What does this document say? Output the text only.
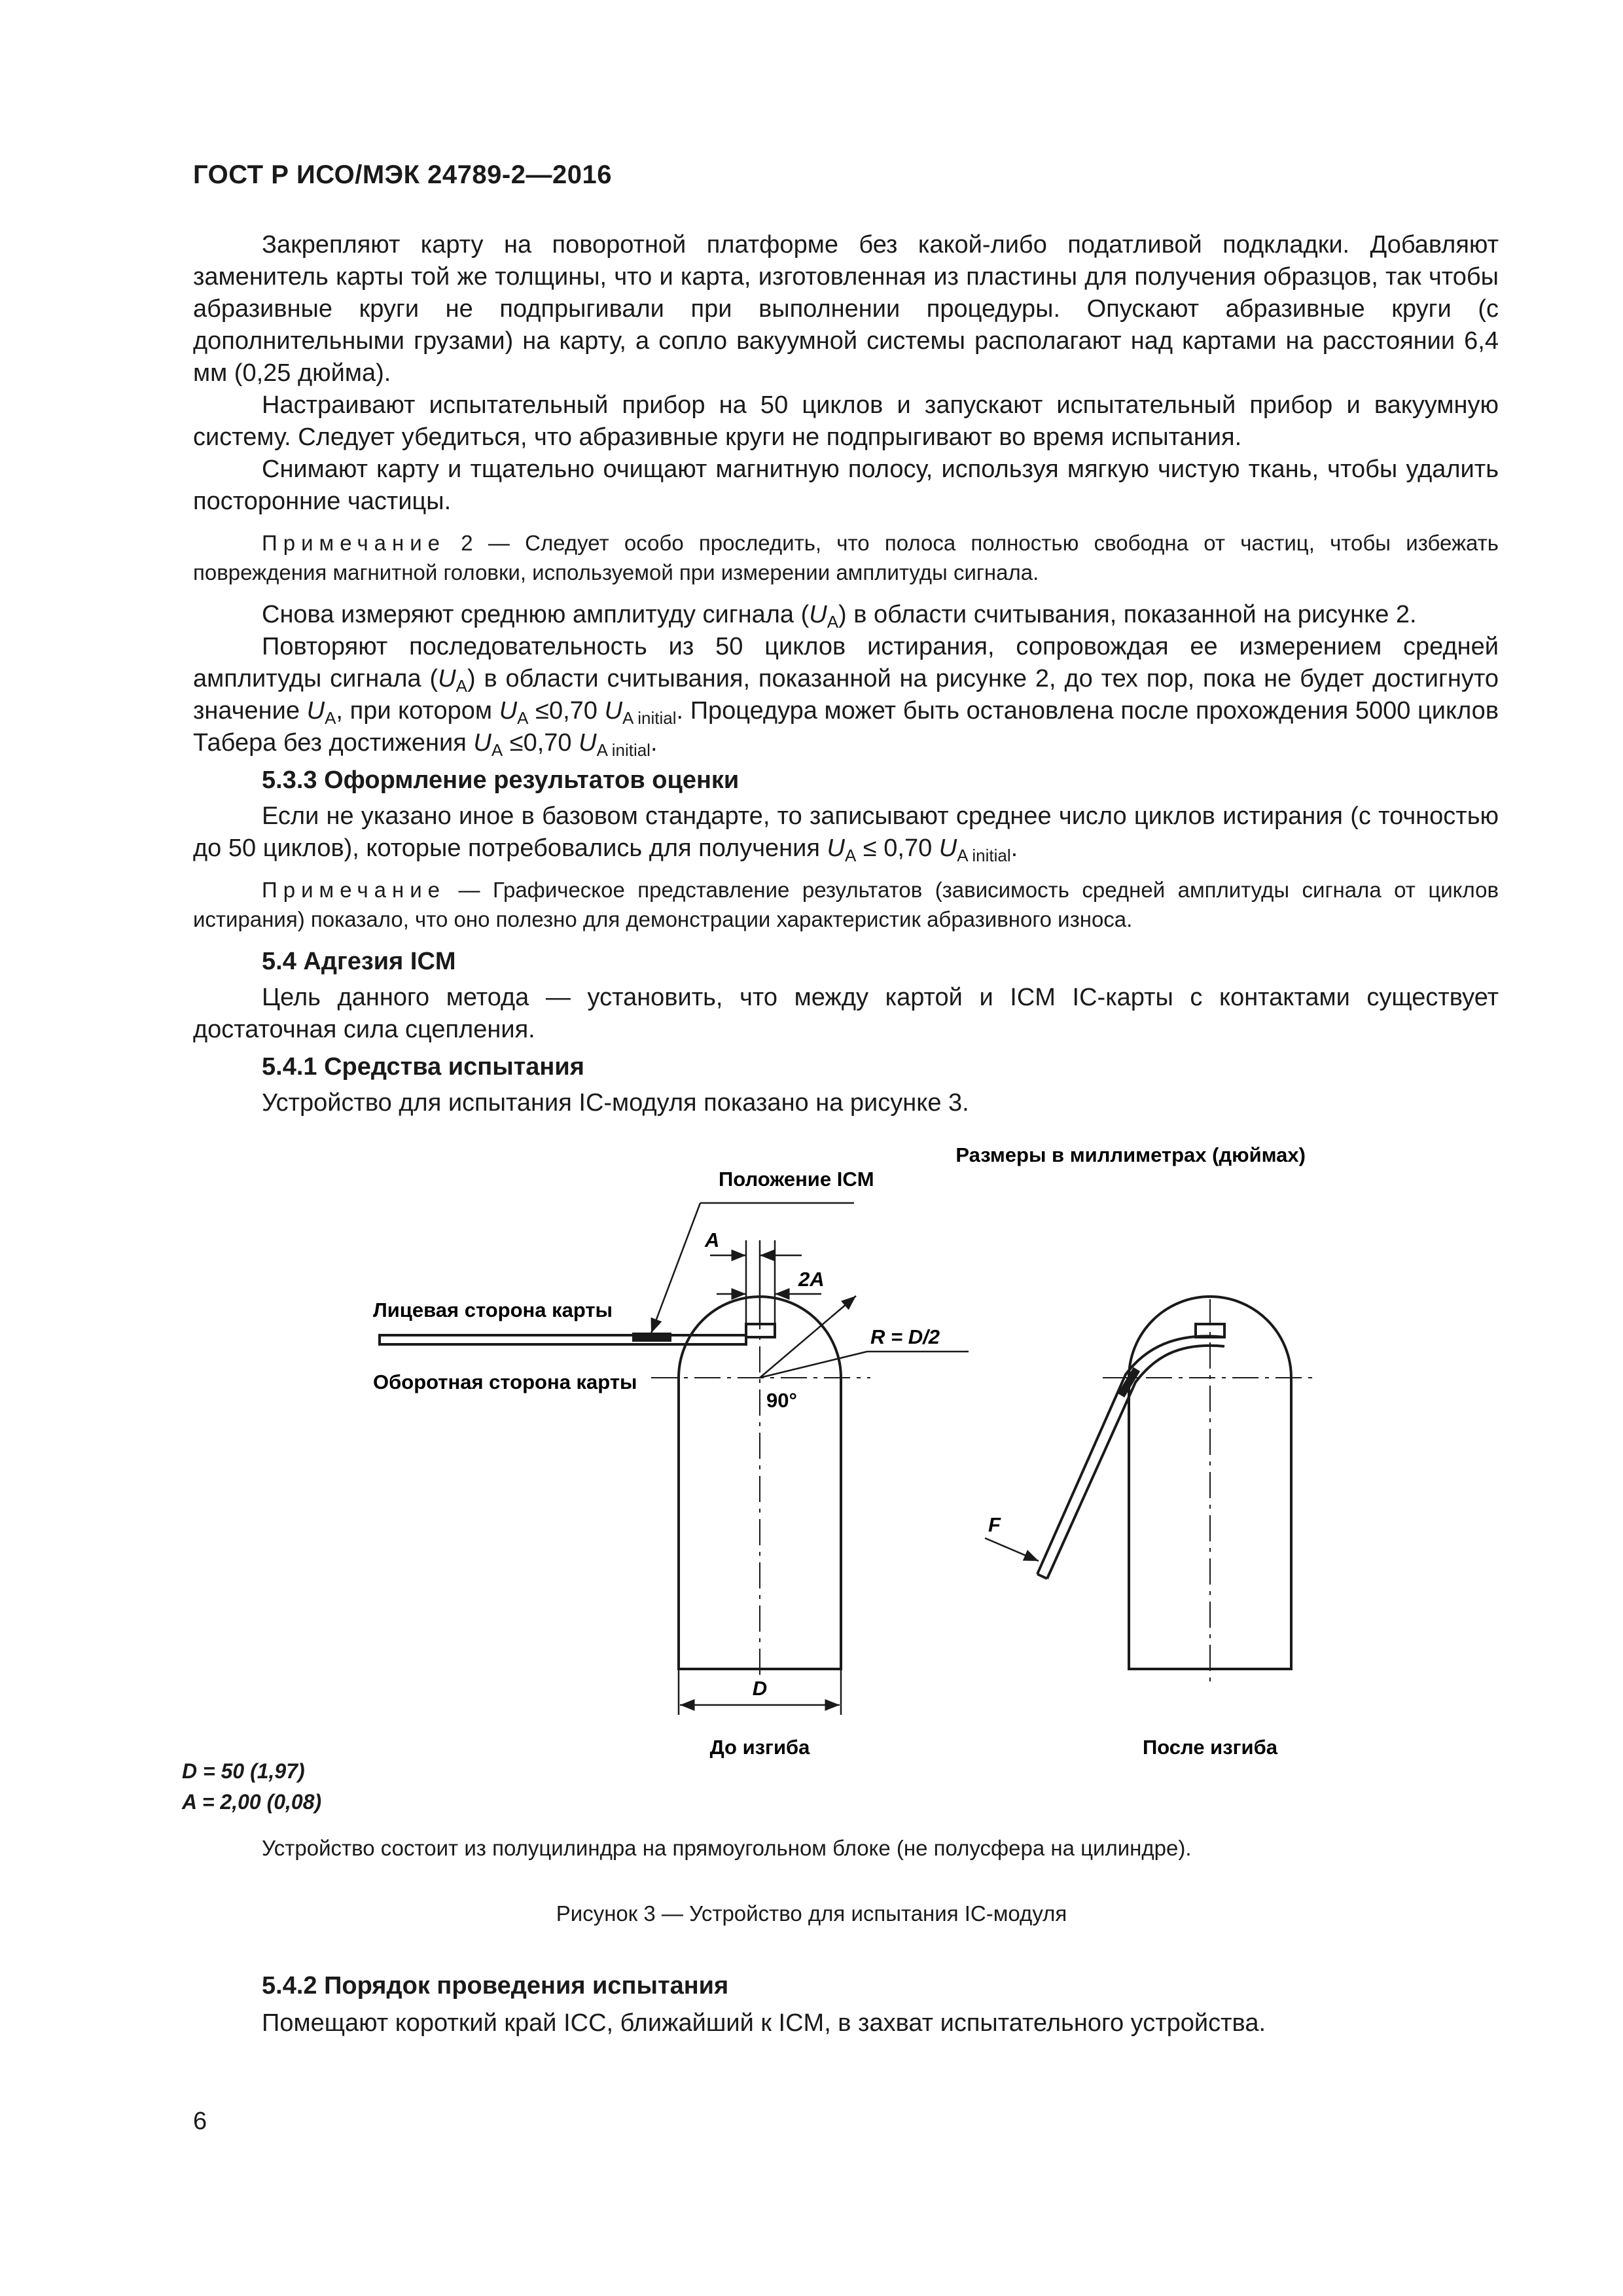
ГОСТ Р ИСО/МЭК 24789-2—2016

Закрепляют карту на поворотной платформе без какой-либо податливой подкладки. Добавляют заменитель карты той же толщины, что и карта, изготовленная из пластины для получения образцов, так чтобы абразивные круги не подпрыгивали при выполнении процедуры. Опускают абразивные круги (с дополнительными грузами) на карту, а сопло вакуумной системы располагают над картами на расстоянии 6,4 мм (0,25 дюйма).

Настраивают испытательный прибор на 50 циклов и запускают испытательный прибор и вакуумную систему. Следует убедиться, что абразивные круги не подпрыгивают во время испытания.

Снимают карту и тщательно очищают магнитную полосу, используя мягкую чистую ткань, чтобы удалить посторонние частицы.

Примечание 2 — Следует особо проследить, что полоса полностью свободна от частиц, чтобы избежать повреждения магнитной головки, используемой при измерении амплитуды сигнала.

Снова измеряют среднюю амплитуду сигнала $(U_A)$ в области считывания, показанной на рисунке 2.

Повторяют последовательность из 50 циклов истирания, сопровождая ее измерением средней амплитуды сигнала $(U_A)$ в области считывания, показанной на рисунке 2, до тех пор, пока не будет достигнуто значение $U_A$, при котором $U_A \le 0,70$ $U_{A initial}$. Процедура может быть остановлена после прохождения 5000 циклов Табера без достижения $U_A \le 0,70$ $U_{A initial}$.

5.3.3 Оформление результатов оценки

Если не указано иное в базовом стандарте, то записывают среднее число циклов истирания (с точностью до 50 циклов), которые потребовались для получения $U_A \le 0,70$ $U_{A initial}$.

Примечание — Графическое представление результатов (зависимость средней амплитуды сигнала от циклов истирания) показало, что оно полезно для демонстрации характеристик абразивного износа.

5.4 Адгезия ICM

Цель данного метода — установить, что между картой и ICM IC-карты с контактами существует достаточная сила сцепления.

5.4.1 Средства испытания

Устройство для испытания IC-модуля показано на рисунке 3.

Размеры в миллиметрах (дюймах)
Положение ICM
A
2A
Лицевая сторона карты
Оборотная сторона карты
R = D/2
90°
D
До изгиба
F
После изгиба
D = 50 (1,97)
A = 2,00 (0,08)
Устройство состоит из полуцилиндра на прямоугольном блоке (не полусфера на цилиндре).
Рисунок 3 — Устройство для испытания IC-модуля

5.4.2 Порядок проведения испытания

Помещают короткий край ICC, ближайший к ICM, в захват испытательного устройства.

6
